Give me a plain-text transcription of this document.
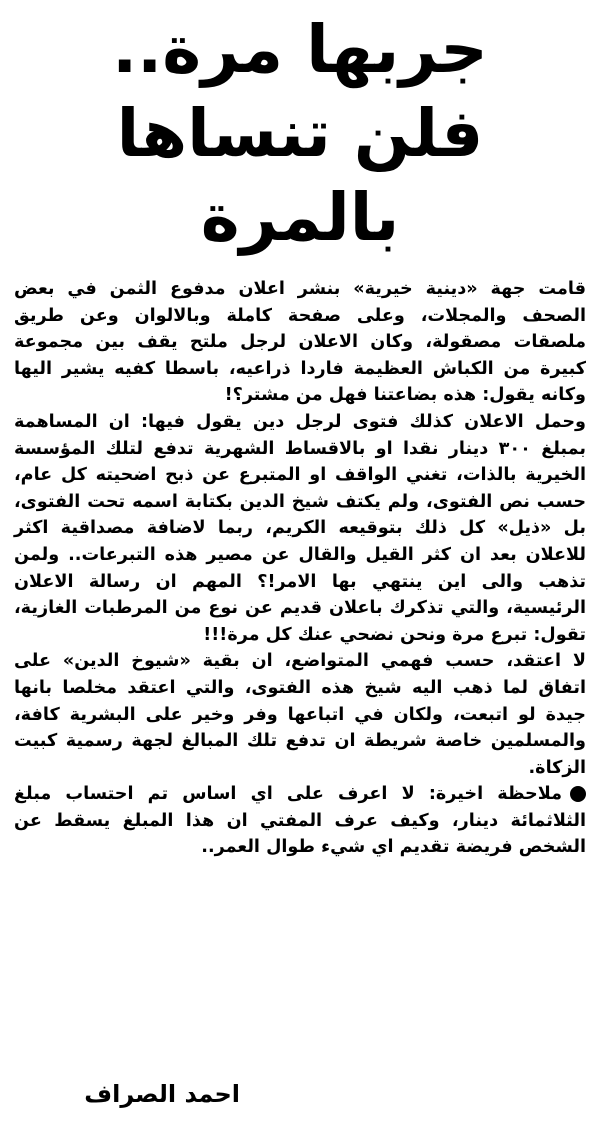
جربها مرة..
فلن تنساها بالمرة

قامت جهة «دينية خيرية» بنشر اعلان مدفوع الثمن في بعض الصحف والمجلات، وعلى صفحة كاملة وبالالوان وعن طريق ملصقات مصقولة، وكان الاعلان لرجل ملتح يقف بين مجموعة كبيرة من الكباش العظيمة فاردا ذراعيه، باسطا كفيه يشير اليها وكانه يقول: هذه بضاعتنا فهل من مشتر؟!

وحمل الاعلان كذلك فتوى لرجل دين يقول فيها: ان المساهمة بمبلغ ٣٠٠ دينار نقدا او بالاقساط الشهرية تدفع لتلك المؤسسة الخيرية بالذات، تغني الواقف او المتبرع عن ذبح اضحيته كل عام، حسب نص الفتوى، ولم يكتف شيخ الدين بكتابة اسمه تحت الفتوى، بل «ذيل» كل ذلك بتوقيعه الكريم، ربما لاضافة مصداقية اكثر للاعلان بعد ان كثر القيل والقال عن مصير هذه التبرعات.. ولمن تذهب والى اين ينتهي بها الامر!؟ المهم ان رسالة الاعلان الرئيسية، والتي تذكرك باعلان قديم عن نوع من المرطبات الغازية، تقول: تبرع مرة ونحن نضحي عنك كل مرة!!!

لا اعتقد، حسب فهمي المتواضع، ان بقية «شيوخ الدين» على اتفاق لما ذهب اليه شيخ هذه الفتوى، والتي اعتقد مخلصا بانها جيدة لو اتبعت، ولكان في اتباعها وفر وخير على البشرية كافة، والمسلمين خاصة شريطة ان تدفع تلك المبالغ لجهة رسمية كبيت الزكاة.

ملاحظة اخيرة: لا اعرف على اي اساس تم احتساب مبلغ الثلاثمائة دينار، وكيف عرف المفتي ان هذا المبلغ يسقط عن الشخص فريضة تقديم اي شيء طوال العمر..

احمد الصراف
